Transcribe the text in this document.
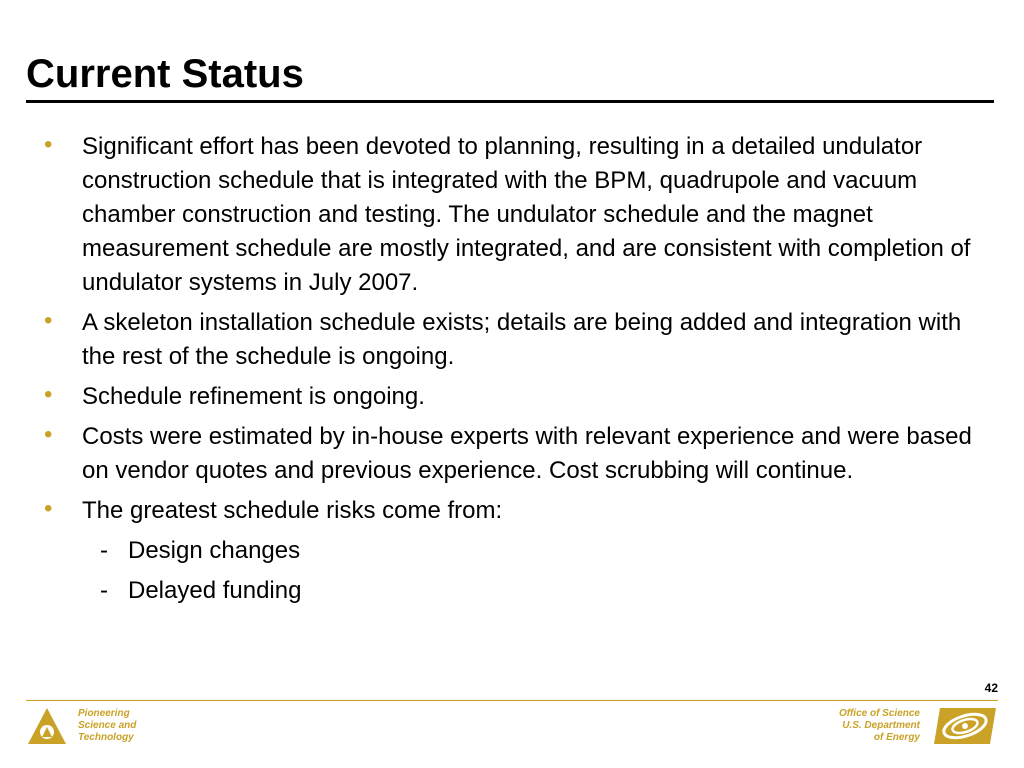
Current Status
• Significant effort has been devoted to planning, resulting in a detailed undulator construction schedule that is integrated with the BPM, quadrupole and vacuum chamber construction and testing. The undulator schedule and the magnet measurement schedule are mostly integrated, and are consistent with completion of undulator systems in July 2007.
• A skeleton installation schedule exists; details are being added and integration with the rest of the schedule is ongoing.
• Schedule refinement is ongoing.
• Costs were estimated by in-house experts with relevant experience and were based on vendor quotes and previous experience. Cost scrubbing will continue.
• The greatest schedule risks come from:
- Design changes
- Delayed funding
42
Pioneering
Science and
Technology
Office of Science
U.S. Department
of Energy
